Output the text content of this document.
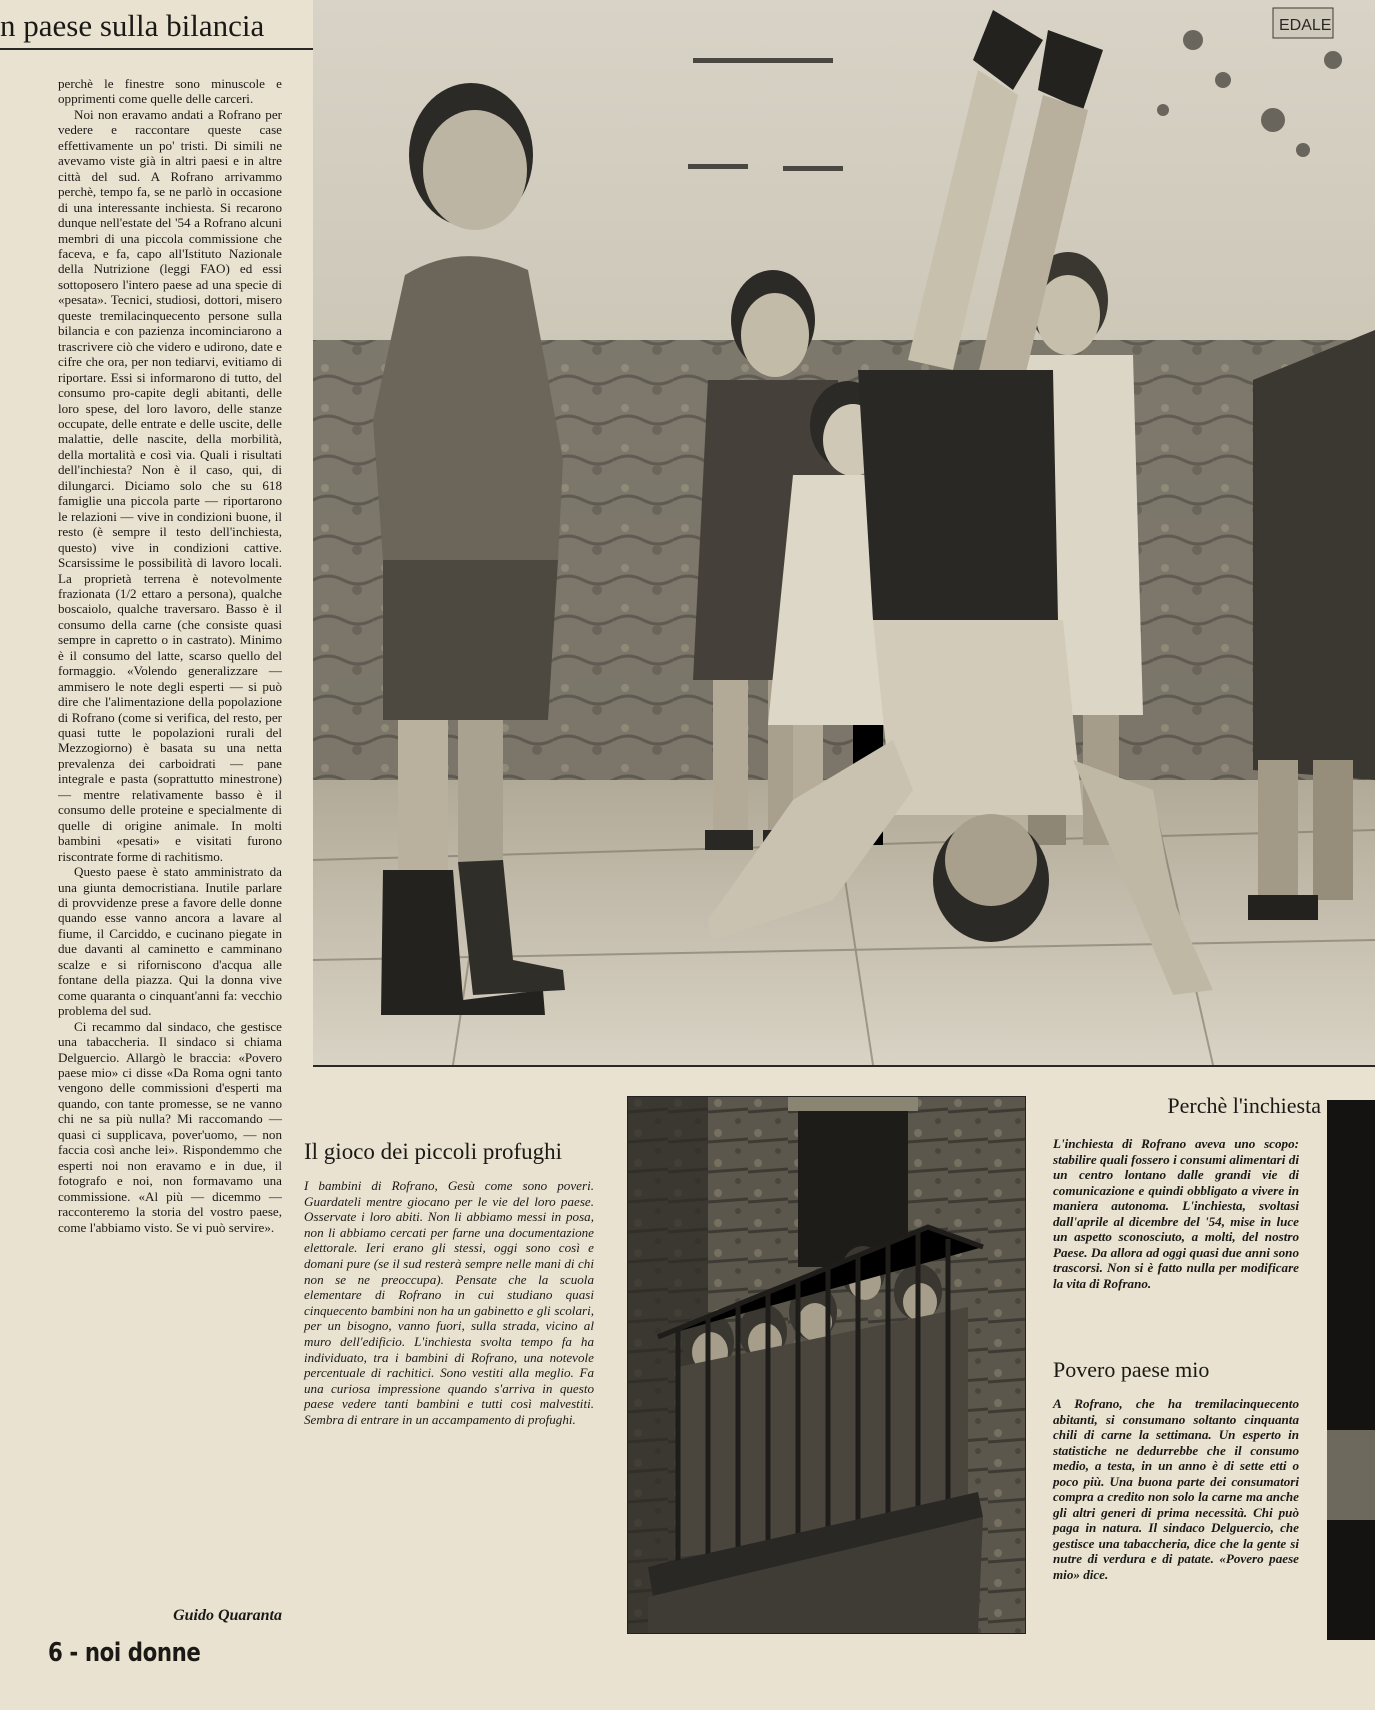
n paese sulla bilancia

perchè le finestre sono minuscole e opprimenti come quelle delle carceri.

Noi non eravamo andati a Rofrano per vedere e raccontare queste case effettivamente un po' tristi. Di simili ne avevamo viste già in altri paesi e in altre città del sud. A Rofrano arrivammo perchè, tempo fa, se ne parlò in occasione di una interessante inchiesta. Si recarono dunque nell'estate del '54 a Rofrano alcuni membri di una piccola commissione che faceva, e fa, capo all'Istituto Nazionale della Nutrizione (leggi FAO) ed essi sottoposero l'intero paese ad una specie di «pesata». Tecnici, studiosi, dottori, misero queste tremilacinquecento persone sulla bilancia e con pazienza incominciarono a trascrivere ciò che videro e udirono, date e cifre che ora, per non tediarvi, evitiamo di riportare. Essi si informarono di tutto, del consumo pro-capite degli abitanti, delle loro spese, del loro lavoro, delle stanze occupate, delle entrate e delle uscite, delle malattie, delle nascite, della morbilità, della mortalità e così via. Quali i risultati dell'inchiesta? Non è il caso, qui, di dilungarci. Diciamo solo che su 618 famiglie una piccola parte — riportarono le relazioni — vive in condizioni buone, il resto (è sempre il testo dell'inchiesta, questo) vive in condizioni cattive. Scarsissime le possibilità di lavoro locali. La proprietà terrena è notevolmente frazionata (1/2 ettaro a persona), qualche boscaiolo, qualche traversaro. Basso è il consumo della carne (che consiste quasi sempre in capretto o in castrato). Minimo è il consumo del latte, scarso quello del formaggio. «Volendo generalizzare — ammisero le note degli esperti — si può dire che l'alimentazione della popolazione di Rofrano (come si verifica, del resto, per quasi tutte le popolazioni rurali del Mezzogiorno) è basata su una netta prevalenza dei carboidrati — pane integrale e pasta (soprattutto minestrone) — mentre relativamente basso è il consumo delle proteine e specialmente di quelle di origine animale. In molti bambini «pesati» e visitati furono riscontrate forme di rachitismo.

Questo paese è stato amministrato da una giunta democristiana. Inutile parlare di provvidenze prese a favore delle donne quando esse vanno ancora a lavare al fiume, il Carciddo, e cucinano piegate in due davanti al caminetto e camminano scalze e si riforniscono d'acqua alle fontane della piazza. Qui la donna vive come quaranta o cinquant'anni fa: vecchio problema del sud.

Ci recammo dal sindaco, che gestisce una tabaccheria. Il sindaco si chiama Delguercio. Allargò le braccia: «Povero paese mio» ci disse «Da Roma ogni tanto vengono delle commissioni d'esperti ma quando, con tante promesse, se ne vanno chi ne sa più nulla? Mi raccomando — quasi ci supplicava, pover'uomo, — non faccia così anche lei». Rispondemmo che esperti noi non eravamo e in due, il fotografo e noi, non formavamo una commissione. «Al più — dicemmo — racconteremo la storia del vostro paese, come l'abbiamo visto. Se vi può servire».

Guido Quaranta
6 - noi donne
EDALE
Il gioco dei piccoli profughi
I bambini di Rofrano, Gesù come sono poveri. Guardateli mentre giocano per le vie del loro paese. Osservate i loro abiti. Non li abbiamo messi in posa, non li abbiamo cercati per farne una documentazione elettorale. Ieri erano gli stessi, oggi sono così e domani pure (se il sud resterà sempre nelle mani di chi non se ne preoccupa). Pensate che la scuola elementare di Rofrano in cui studiano quasi cinquecento bambini non ha un gabinetto e gli scolari, per un bisogno, vanno fuori, sulla strada, vicino al muro dell'edificio. L'inchiesta svolta tempo fa ha individuato, tra i bambini di Rofrano, una notevole percentuale di rachitici. Sono vestiti alla meglio. Fa una curiosa impressione quando s'arriva in questo paese vedere tanti bambini e tutti così malvestiti. Sembra di entrare in un accampamento di profughi.
Perchè l'inchiesta
L'inchiesta di Rofrano aveva uno scopo: stabilire quali fossero i consumi alimentari di un centro lontano dalle grandi vie di comunicazione e quindi obbligato a vivere in maniera autonoma. L'inchiesta, svoltasi dall'aprile al dicembre del '54, mise in luce un aspetto sconosciuto, a molti, del nostro Paese. Da allora ad oggi quasi due anni sono trascorsi. Non si è fatto nulla per modificare la vita di Rofrano.
Povero paese mio
A Rofrano, che ha tremilacinquecento abitanti, si consumano soltanto cinquanta chili di carne la settimana. Un esperto in statistiche ne dedurrebbe che il consumo medio, a testa, in un anno è di sette etti o poco più. Una buona parte dei consumatori compra a credito non solo la carne ma anche gli altri generi di prima necessità. Chi può paga in natura. Il sindaco Delguercio, che gestisce una tabaccheria, dice che la gente si nutre di verdura e di patate. «Povero paese mio» dice.
